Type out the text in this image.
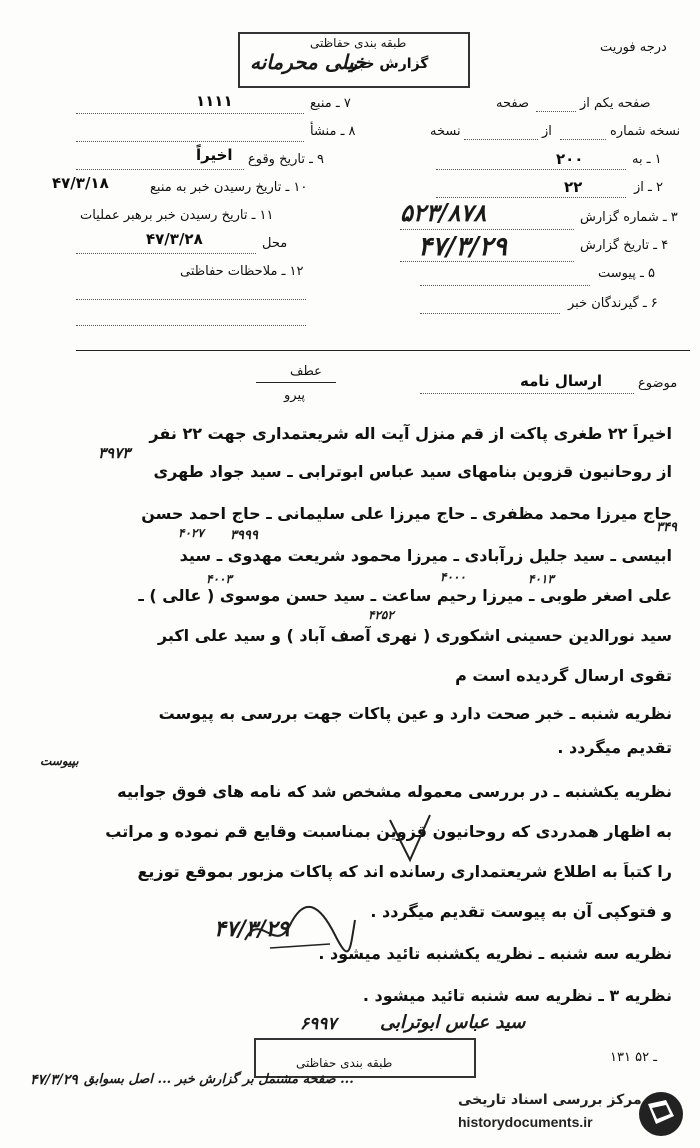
طبقه بندی حفاظتی
خیلی محرمانه
گزارش خبر
درجه فوریت
صفحه یکم از
صفحه
نسخه شماره
از
نسخه
۱ ـ به
۲۰۰
۲ ـ از
۲۲
۳ ـ شماره گزارش
۵۲۳/۸۷۸
۴ ـ تاریخ گزارش
۴۷/۳/۲۹
۵ ـ پیوست
۶ ـ گیرندگان خبر
۱۱۱۱	۷ ـ منبع
۸ ـ منشأ
اخیراً ۹ ـ تاریخ وقوع
۴۷/۳/۱۸	۱۰ ـ تاریخ رسیدن خبر به منبع
۱۱ ـ تاریخ رسیدن خبر برهبر عملیات
۴۷/۳/۲۸	محل
۱۲ ـ ملاحظات حفاظتی
عطف
پیرو
موضوع
ارسال نامه
اخیراً ۲۲ طغری پاکت از قم منزل آیت اله شریعتمداری جهت ۲۲ نفر
از روحانیون قزوین بنامهای سید عباس ابوترابی ـ سید جواد طهری
حاج میرزا محمد مظفری ـ حاج میرزا علی سلیمانی ـ حاج احمد حسن
ابیسی ـ سید جلیل زرآبادی ـ میرزا محمود شریعت مهدوی ـ سید
علی اصغر طوبی ـ میرزا رحیم ساعت ـ سید حسن موسوی ( عالی ) ـ
سید نورالدین حسینی اشکوری ( نهری آصف آباد ) و سید علی اکبر
تقوی ارسال گردیده است م
نظریه شنبه ـ خبر صحت دارد و عین پاکات جهت بررسی به پیوست
تقدیم میگردد .
نظریه یکشنبه ـ در بررسی معموله مشخص شد که نامه های فوق جوابیه
به اظهار همدردی که روحانیون قزوین بمناسبت وقایع قم نموده و مراتب
را کتباً به اطلاع شریعتمداری رسانده اند که پاکات مزبور بموقع توزیع
و فتوکپی آن به پیوست تقدیم میگردد .
نظریه سه شنبه ـ نظریه یکشنبه تائید میشود .
نظریه ۳ ـ نظریه سه شنبه تائید میشود .
۳۹۷۳
۴۰۲۷ ۳۹۹۹
۳۴۹
۴۰۱۳
۴۰۰۳	۴۰۰۰
۴۲۵۲
بپیوست
۴۷/۳/۲۹
سید عباس ابوترابی
۶۹۹۷
طبقه بندی حفاظتی	۱۳۱ ـ ۵۲
صفحه مشتمل بر گزارش خبر ... اصل بسوابق ...
۴۷/۳/۲۹
مرکز بررسی اسناد تاریخی
historydocuments.ir
